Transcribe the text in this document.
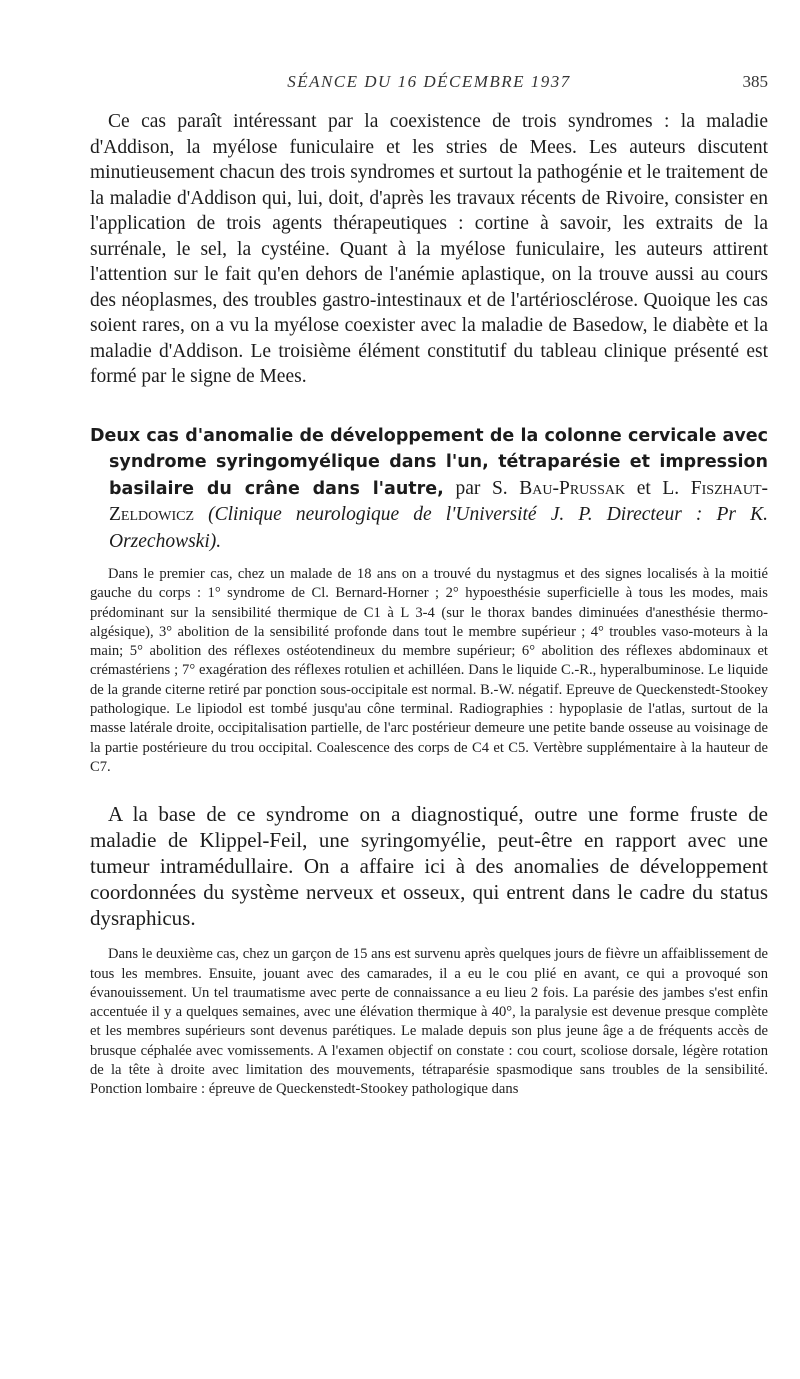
SÉANCE DU 16 DÉCEMBRE 1937	385

Ce cas paraît intéressant par la coexistence de trois syndromes : la maladie d'Addison, la myélose funiculaire et les stries de Mees. Les auteurs discutent minutieusement chacun des trois syndromes et surtout la pathogénie et le traitement de la maladie d'Addison qui, lui, doit, d'après les travaux récents de Rivoire, consister en l'application de trois agents thérapeutiques : cortine à savoir, les extraits de la surrénale, le sel, la cystéine. Quant à la myélose funiculaire, les auteurs attirent l'attention sur le fait qu'en dehors de l'anémie aplastique, on la trouve aussi au cours des néoplasmes, des troubles gastro-intestinaux et de l'artériosclérose. Quoique les cas soient rares, on a vu la myélose coexister avec la maladie de Basedow, le diabète et la maladie d'Addison. Le troisième élément constitutif du tableau clinique présenté est formé par le signe de Mees.

Deux cas d'anomalie de développement de la colonne cervicale avec syndrome syringomyélique dans l'un, tétraparésie et impression basilaire du crâne dans l'autre, par S. Bau-Prussak et L. Fiszhaut-Zeldowicz (Clinique neurologique de l'Université J. P. Directeur : Pr K. Orzechowski).

Dans le premier cas, chez un malade de 18 ans on a trouvé du nystagmus et des signes localisés à la moitié gauche du corps : 1° syndrome de Cl. Bernard-Horner ; 2° hypoesthésie superficielle à tous les modes, mais prédominant sur la sensibilité thermique de C1 à L 3-4 (sur le thorax bandes diminuées d'anesthésie thermo-algésique), 3° abolition de la sensibilité profonde dans tout le membre supérieur ; 4° troubles vaso-moteurs à la main; 5° abolition des réflexes ostéotendineux du membre supérieur; 6° abolition des réflexes abdominaux et crémastériens ; 7° exagération des réflexes rotulien et achilléen. Dans le liquide C.-R., hyperalbuminose. Le liquide de la grande citerne retiré par ponction sous-occipitale est normal. B.-W. négatif. Epreuve de Queckenstedt-Stookey pathologique. Le lipiodol est tombé jusqu'au cône terminal. Radiographies : hypoplasie de l'atlas, surtout de la masse latérale droite, occipitalisation partielle, de l'arc postérieur demeure une petite bande osseuse au voisinage de la partie postérieure du trou occipital. Coalescence des corps de C4 et C5. Vertèbre supplémentaire à la hauteur de C7.

A la base de ce syndrome on a diagnostiqué, outre une forme fruste de maladie de Klippel-Feil, une syringomyélie, peut-être en rapport avec une tumeur intramédullaire. On a affaire ici à des anomalies de développement coordonnées du système nerveux et osseux, qui entrent dans le cadre du status dysraphicus.

Dans le deuxième cas, chez un garçon de 15 ans est survenu après quelques jours de fièvre un affaiblissement de tous les membres. Ensuite, jouant avec des camarades, il a eu le cou plié en avant, ce qui a provoqué son évanouissement. Un tel traumatisme avec perte de connaissance a eu lieu 2 fois. La parésie des jambes s'est enfin accentuée il y a quelques semaines, avec une élévation thermique à 40°, la paralysie est devenue presque complète et les membres supérieurs sont devenus parétiques. Le malade depuis son plus jeune âge a de fréquents accès de brusque céphalée avec vomissements. A l'examen objectif on constate : cou court, scoliose dorsale, légère rotation de la tête à droite avec limitation des mouvements, tétraparésie spasmodique sans troubles de la sensibilité. Ponction lombaire : épreuve de Queckenstedt-Stookey pathologique dans
